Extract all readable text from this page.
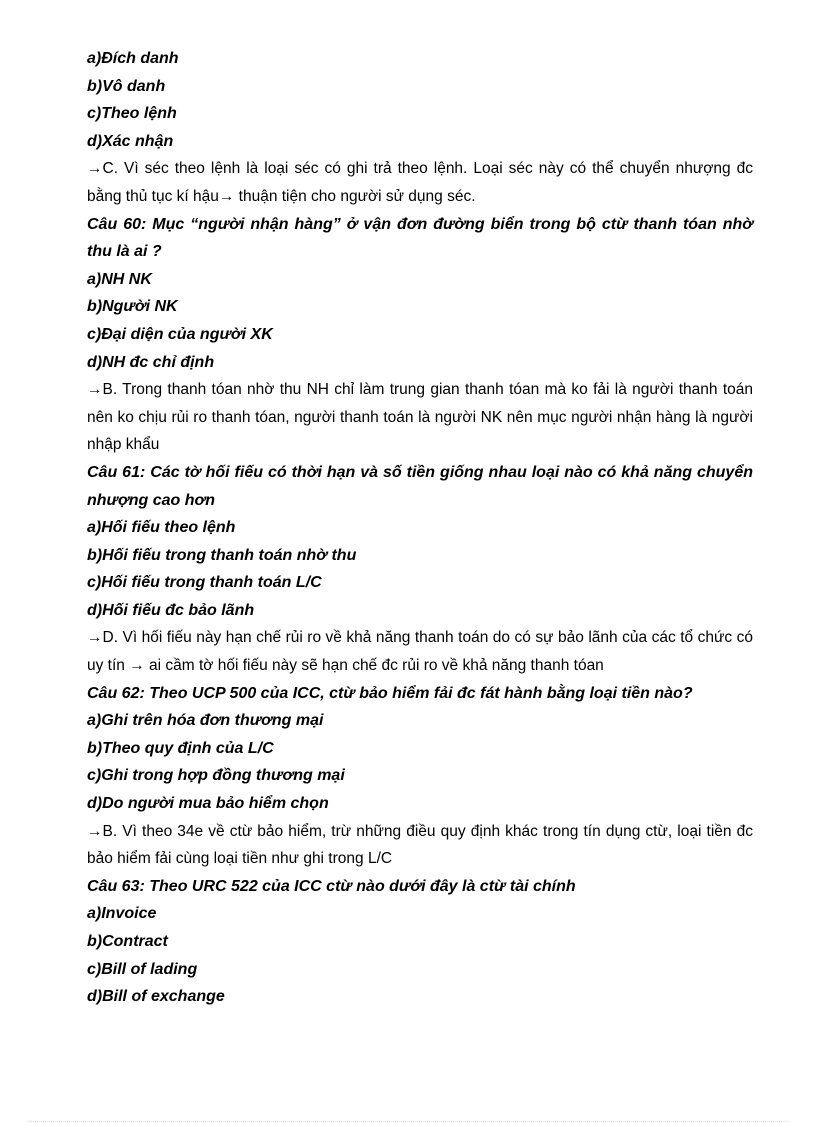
a)Đích danh
b)Vô danh
c)Theo lệnh
d)Xác nhận
→C. Vì séc theo lệnh là loại séc có ghi trả theo lệnh. Loại séc này có thể chuyển nhượng đc bằng thủ tục kí hậu→ thuận tiện cho người sử dụng séc.
Câu 60: Mục “người nhận hàng” ở vận đơn đường biển trong bộ ctừ thanh tóan nhờ thu là ai ?
a)NH NK
b)Người NK
c)Đại diện của người XK
d)NH đc chỉ định
→B. Trong thanh tóan nhờ thu NH chỉ làm trung gian thanh tóan mà ko fải là người thanh toán nên ko chịu rủi ro thanh tóan, người thanh toán là người NK nên mục người nhận hàng là người nhập khẩu
Câu 61: Các tờ hối fiếu có thời hạn và số tiền giống nhau loại nào có khả năng chuyển nhượng cao hơn
a)Hối fiếu theo lệnh
b)Hối fiếu trong thanh toán nhờ thu
c)Hối fiếu trong thanh toán L/C
d)Hối fiếu đc bảo lãnh
→D. Vì hối fiếu này hạn chế rủi ro về khả năng thanh toán do có sự bảo lãnh của các tổ chức có uy tín → ai cầm tờ hối fiếu này sẽ hạn chế đc rủi ro về khả năng thanh tóan
Câu 62: Theo UCP 500 của ICC, ctừ bảo hiểm fải đc fát hành bằng loại tiền nào?
a)Ghi trên hóa đơn thương mại
b)Theo quy định của L/C
c)Ghi trong hợp đồng thương mại
d)Do người mua bảo hiểm chọn
→B. Vì theo 34e về ctừ bảo hiểm, trừ những điều quy định khác trong tín dụng ctừ, loại tiền đc bảo hiểm fải cùng loại tiền như ghi trong L/C
Câu 63: Theo URC 522 của ICC ctừ nào dưới đây là ctừ tài chính
a)Invoice
b)Contract
c)Bill of lading
d)Bill of exchange
